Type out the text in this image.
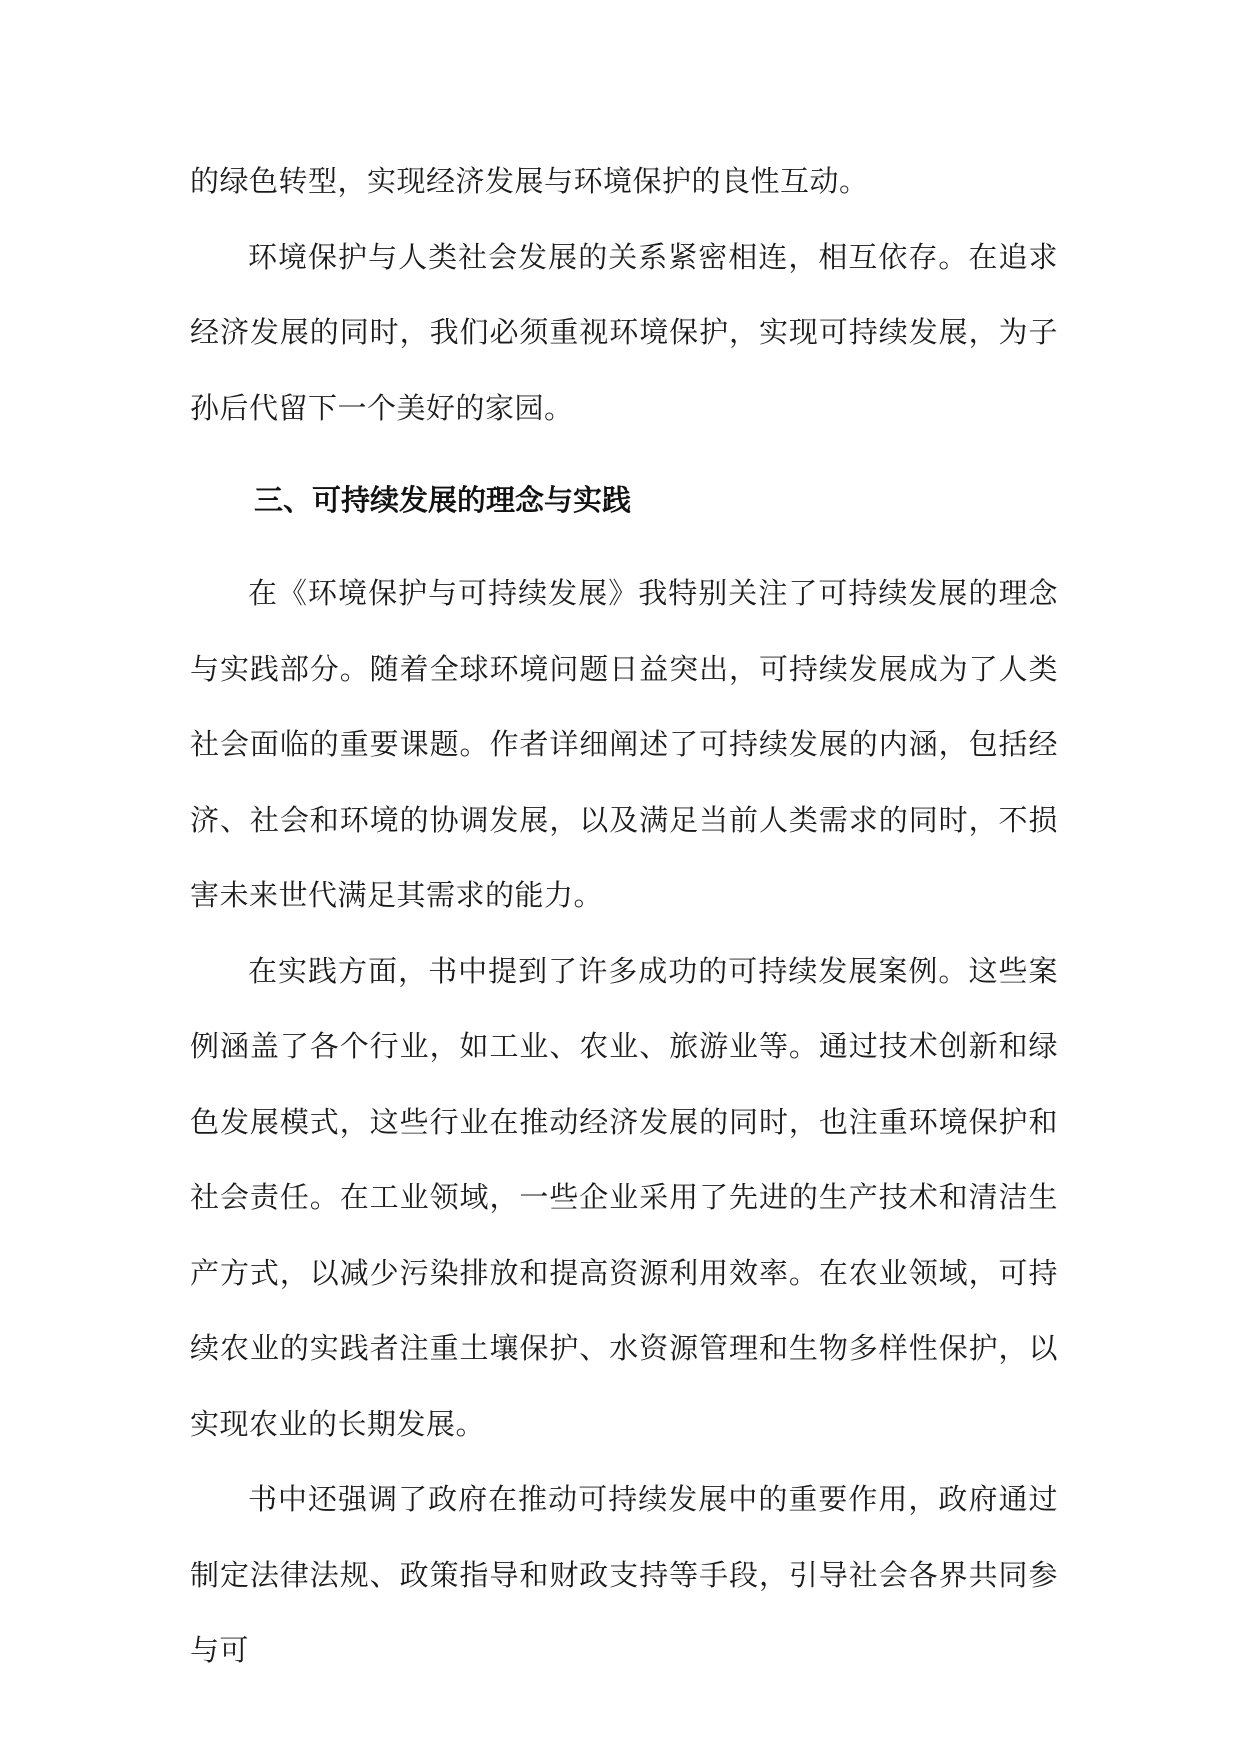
的绿色转型，实现经济发展与环境保护的良性互动。

环境保护与人类社会发展的关系紧密相连，相互依存。在追求经济发展的同时，我们必须重视环境保护，实现可持续发展，为子孙后代留下一个美好的家园。

三、可持续发展的理念与实践

在《环境保护与可持续发展》我特别关注了可持续发展的理念与实践部分。随着全球环境问题日益突出，可持续发展成为了人类社会面临的重要课题。作者详细阐述了可持续发展的内涵，包括经济、社会和环境的协调发展，以及满足当前人类需求的同时，不损害未来世代满足其需求的能力。

在实践方面，书中提到了许多成功的可持续发展案例。这些案例涵盖了各个行业，如工业、农业、旅游业等。通过技术创新和绿色发展模式，这些行业在推动经济发展的同时，也注重环境保护和社会责任。在工业领域，一些企业采用了先进的生产技术和清洁生产方式，以减少污染排放和提高资源利用效率。在农业领域，可持续农业的实践者注重土壤保护、水资源管理和生物多样性保护，以实现农业的长期发展。

书中还强调了政府在推动可持续发展中的重要作用，政府通过制定法律法规、政策指导和财政支持等手段，引导社会各界共同参与可
